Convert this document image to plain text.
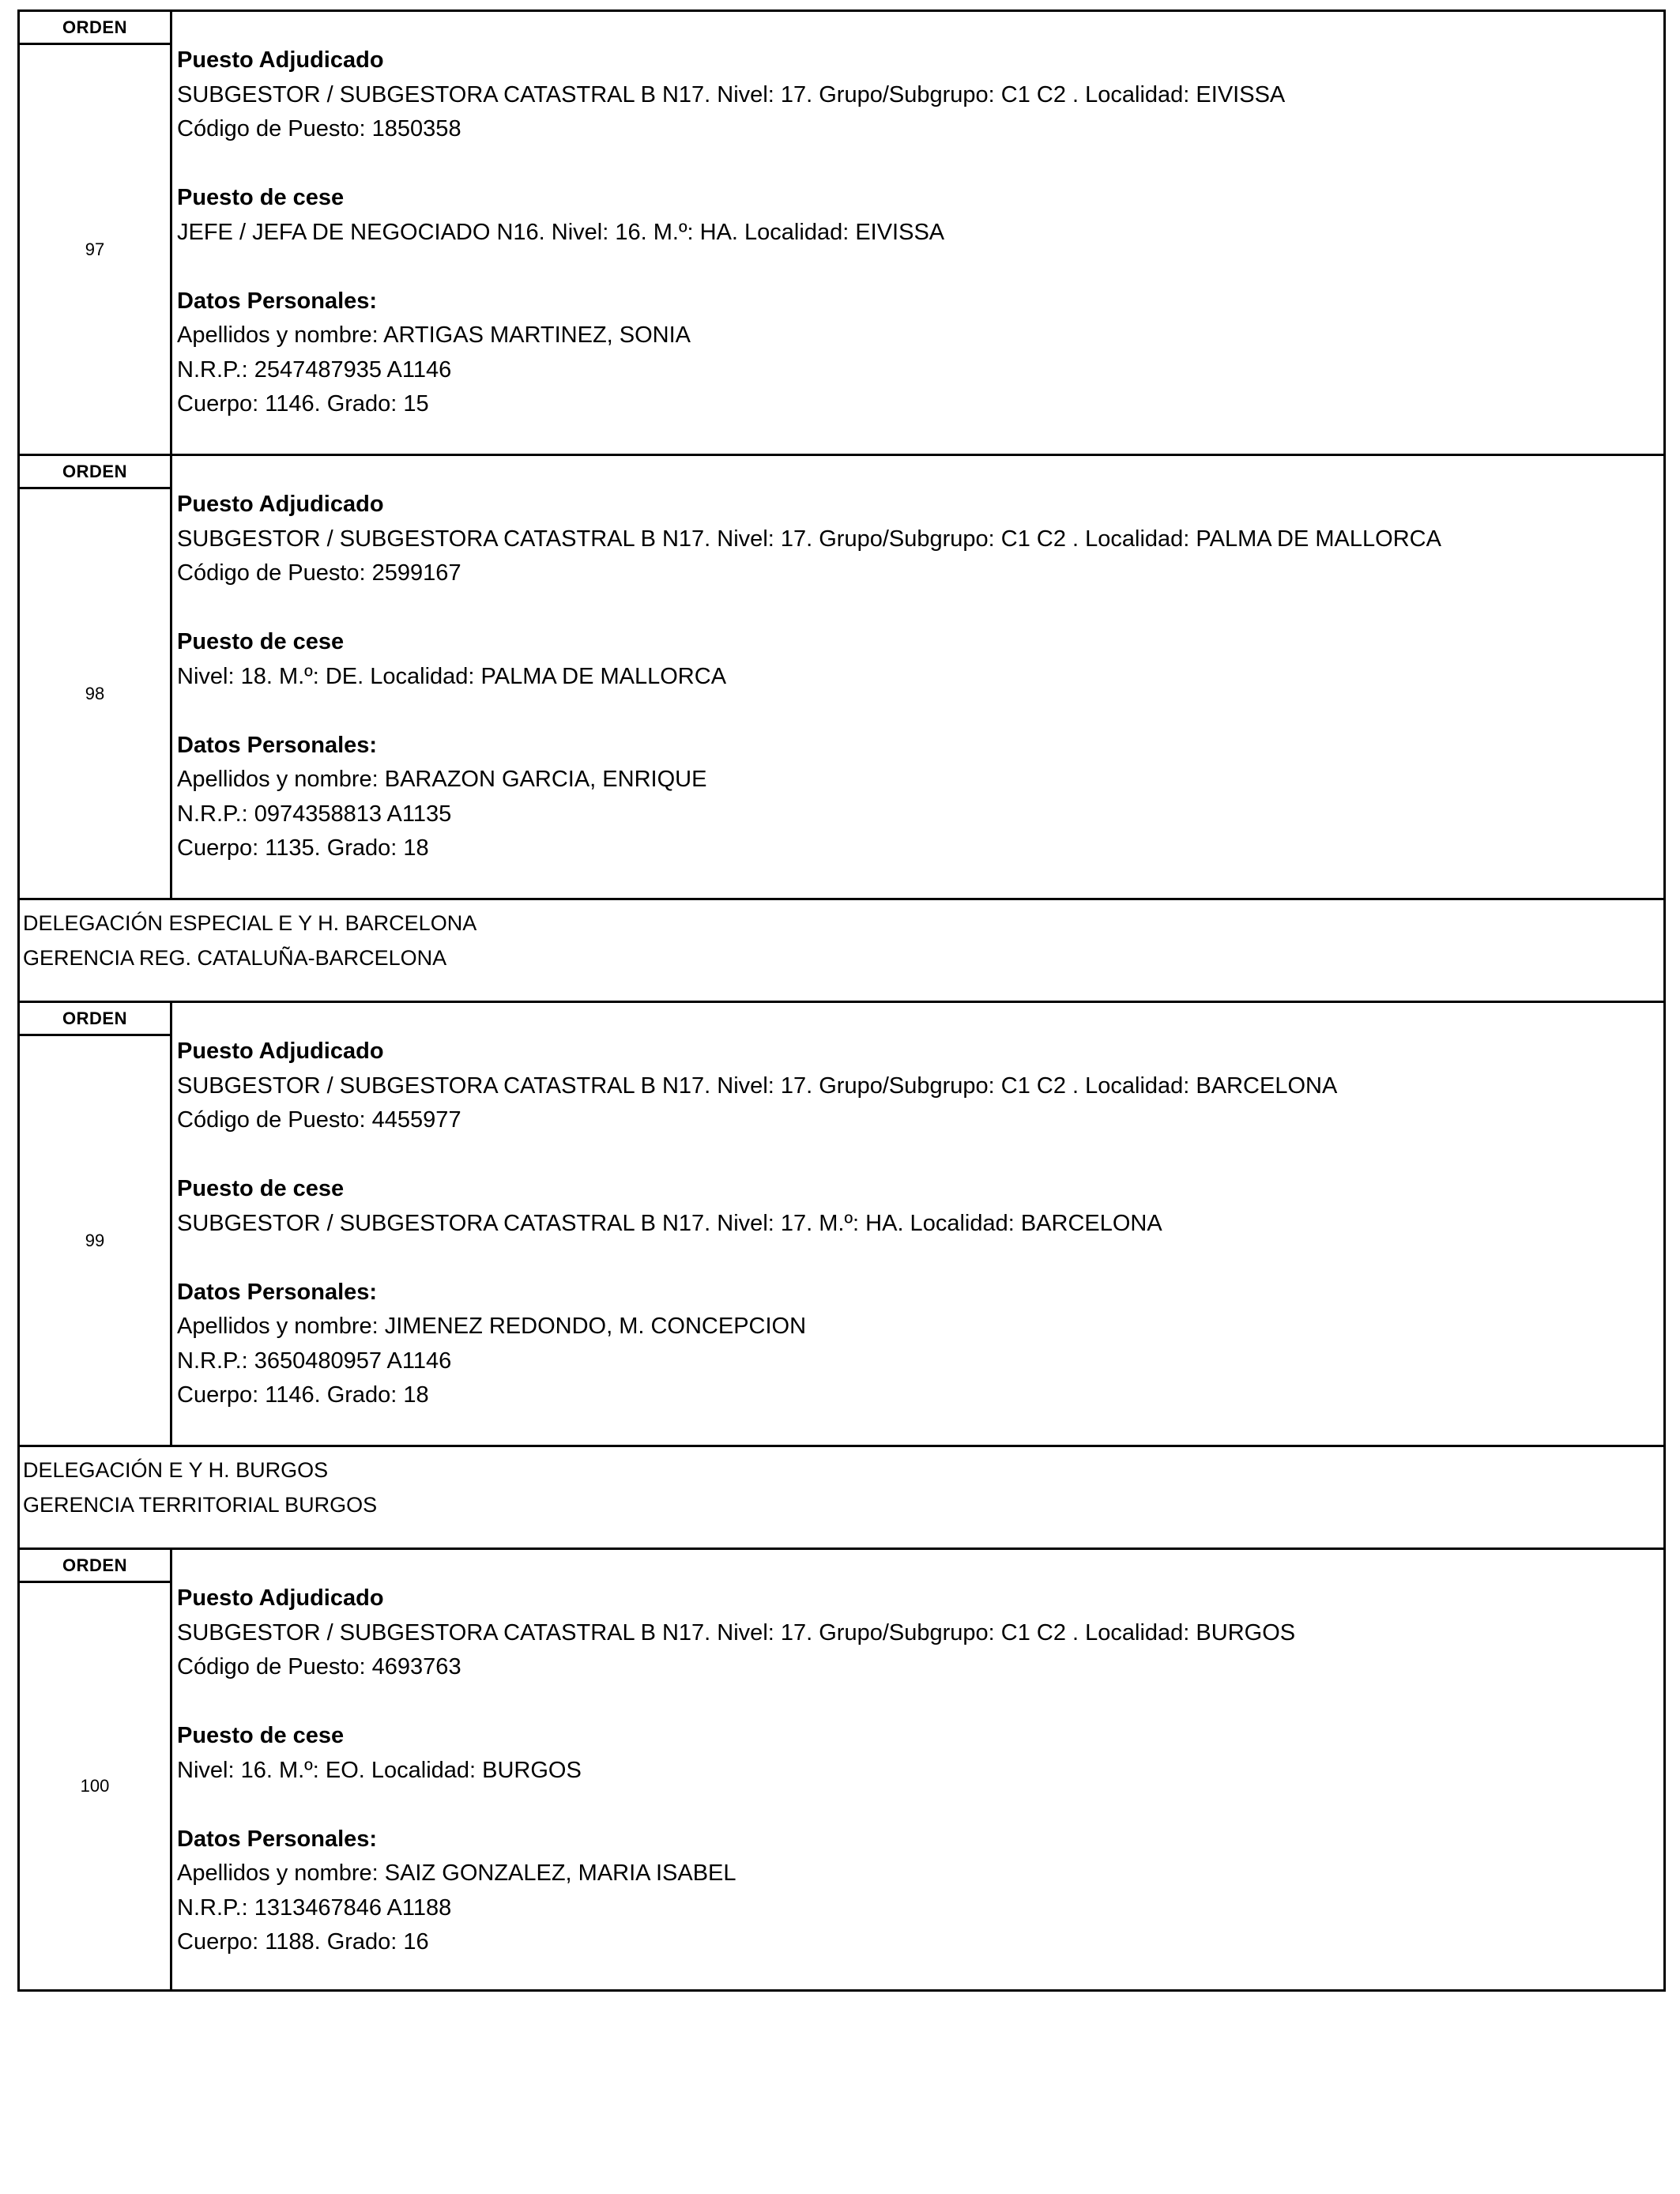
ORDEN
97
Puesto Adjudicado
SUBGESTOR / SUBGESTORA CATASTRAL B N17. Nivel: 17. Grupo/Subgrupo: C1 C2 . Localidad: EIVISSA
Código de Puesto: 1850358
Puesto de cese
JEFE / JEFA DE NEGOCIADO N16. Nivel: 16. M.º: HA. Localidad: EIVISSA
Datos Personales:
Apellidos y nombre: ARTIGAS MARTINEZ, SONIA
N.R.P.: 2547487935 A1146
Cuerpo: 1146. Grado: 15
ORDEN
98
Puesto Adjudicado
SUBGESTOR / SUBGESTORA CATASTRAL B N17. Nivel: 17. Grupo/Subgrupo: C1 C2 . Localidad: PALMA DE MALLORCA
Código de Puesto: 2599167
Puesto de cese
Nivel: 18. M.º: DE. Localidad: PALMA DE MALLORCA
Datos Personales:
Apellidos y nombre: BARAZON GARCIA, ENRIQUE
N.R.P.: 0974358813 A1135
Cuerpo: 1135. Grado: 18
DELEGACIÓN ESPECIAL E Y H. BARCELONA
GERENCIA REG. CATALUÑA-BARCELONA
ORDEN
99
Puesto Adjudicado
SUBGESTOR / SUBGESTORA CATASTRAL B N17. Nivel: 17. Grupo/Subgrupo: C1 C2 . Localidad: BARCELONA
Código de Puesto: 4455977
Puesto de cese
SUBGESTOR / SUBGESTORA CATASTRAL B N17. Nivel: 17. M.º: HA. Localidad: BARCELONA
Datos Personales:
Apellidos y nombre: JIMENEZ REDONDO, M. CONCEPCION
N.R.P.: 3650480957 A1146
Cuerpo: 1146. Grado: 18
DELEGACIÓN E Y H. BURGOS
GERENCIA TERRITORIAL BURGOS
ORDEN
100
Puesto Adjudicado
SUBGESTOR / SUBGESTORA CATASTRAL B N17. Nivel: 17. Grupo/Subgrupo: C1 C2 . Localidad: BURGOS
Código de Puesto: 4693763
Puesto de cese
Nivel: 16. M.º: EO. Localidad: BURGOS
Datos Personales:
Apellidos y nombre: SAIZ GONZALEZ, MARIA ISABEL
N.R.P.: 1313467846 A1188
Cuerpo: 1188. Grado: 16
